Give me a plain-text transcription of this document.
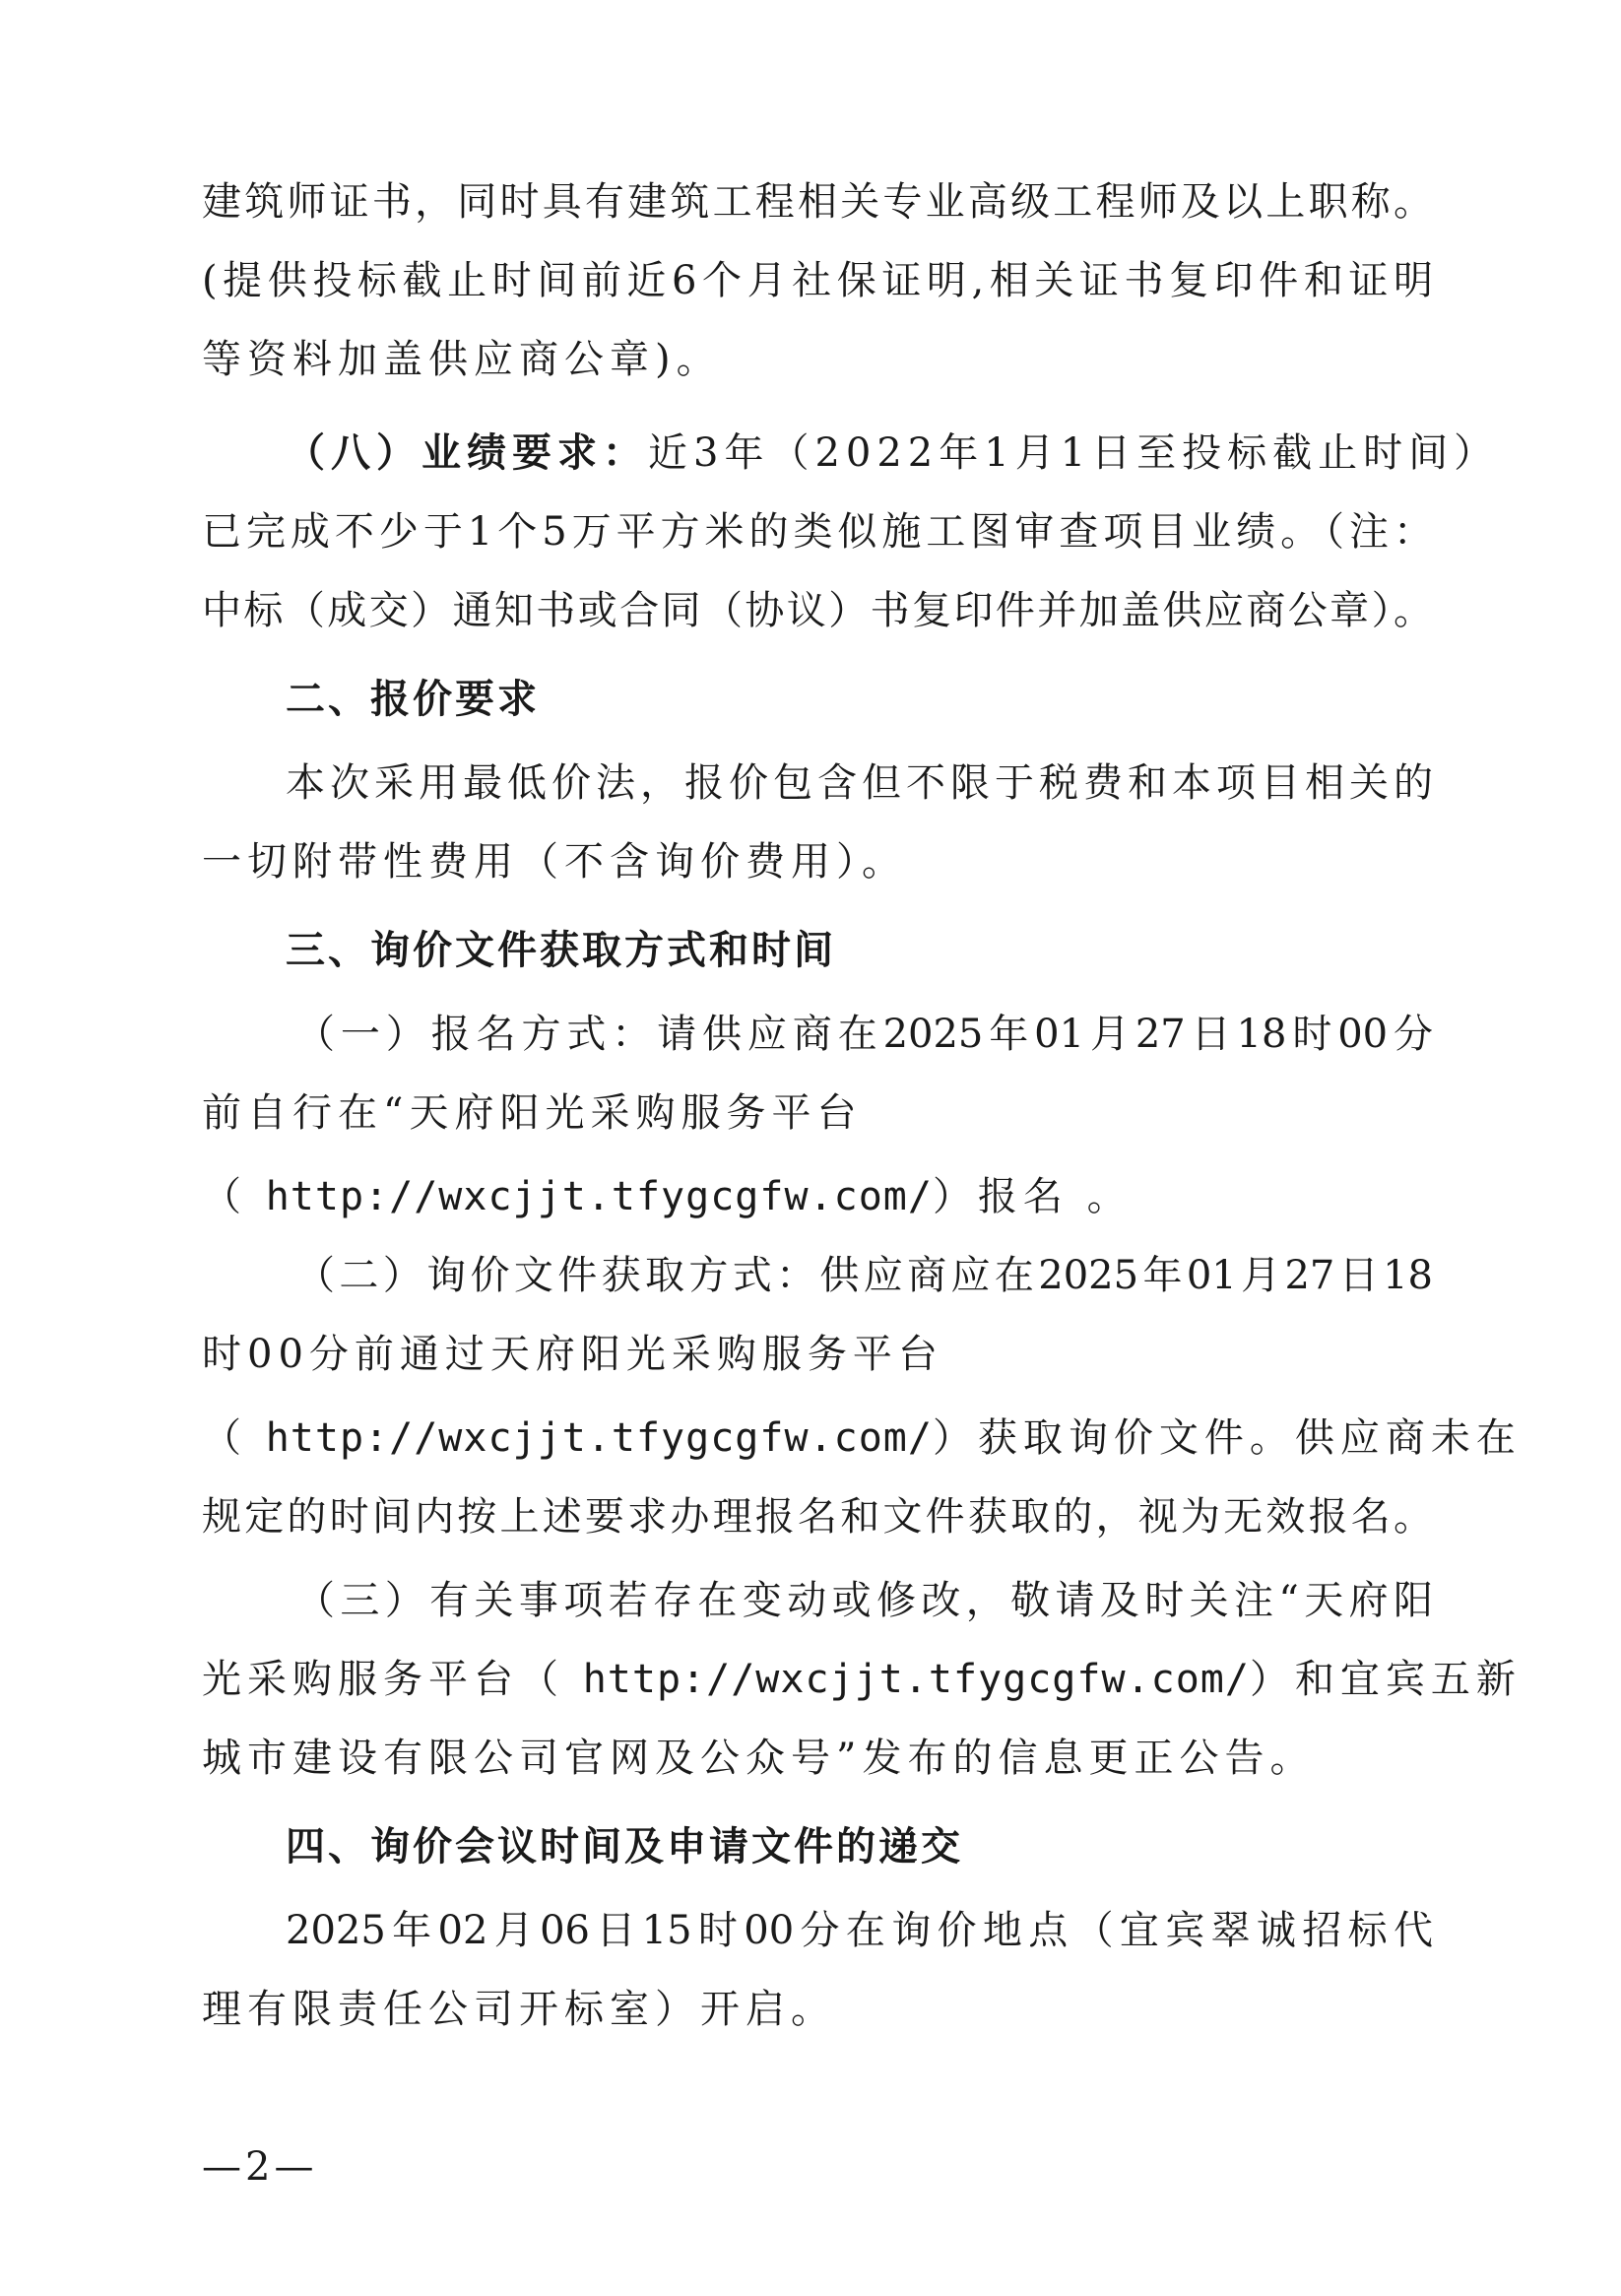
建筑师证书，同时具有建筑工程相关专业高级工程师及以上职称。
(提供投标截止时间前近6个月社保证明,相关证书复印件和证明
等资料加盖供应商公章)。
（八）业绩要求：近3年（2022年1月1日至投标截止时间）
已完成不少于1个5万平方米的类似施工图审查项目业绩。（注：
中标（成交）通知书或合同（协议）书复印件并加盖供应商公章）。
二、报价要求
本次采用最低价法，报价包含但不限于税费和本项目相关的
一切附带性费用（不含询价费用）。
三、询价文件获取方式和时间
（一）报名方式：请供应商在2025年01月27日18时00分
前自行在“天府阳光采购服务平台
（ http://wxcjjt.tfygcgfw.com/）报名 。
（二）询价文件获取方式：供应商应在2025年01月27日18
时00分前通过天府阳光采购服务平台
（ http://wxcjjt.tfygcgfw.com/）获取询价文件。供应商未在
规定的时间内按上述要求办理报名和文件获取的，视为无效报名。
（三）有关事项若存在变动或修改，敬请及时关注“天府阳
光采购服务平台（ http://wxcjjt.tfygcgfw.com/）和宜宾五新
城市建设有限公司官网及公众号”发布的信息更正公告。
四、询价会议时间及申请文件的递交
2025年02月06日15时00分在询价地点（宜宾翠诚招标代
理有限责任公司开标室）开启。
—2—
